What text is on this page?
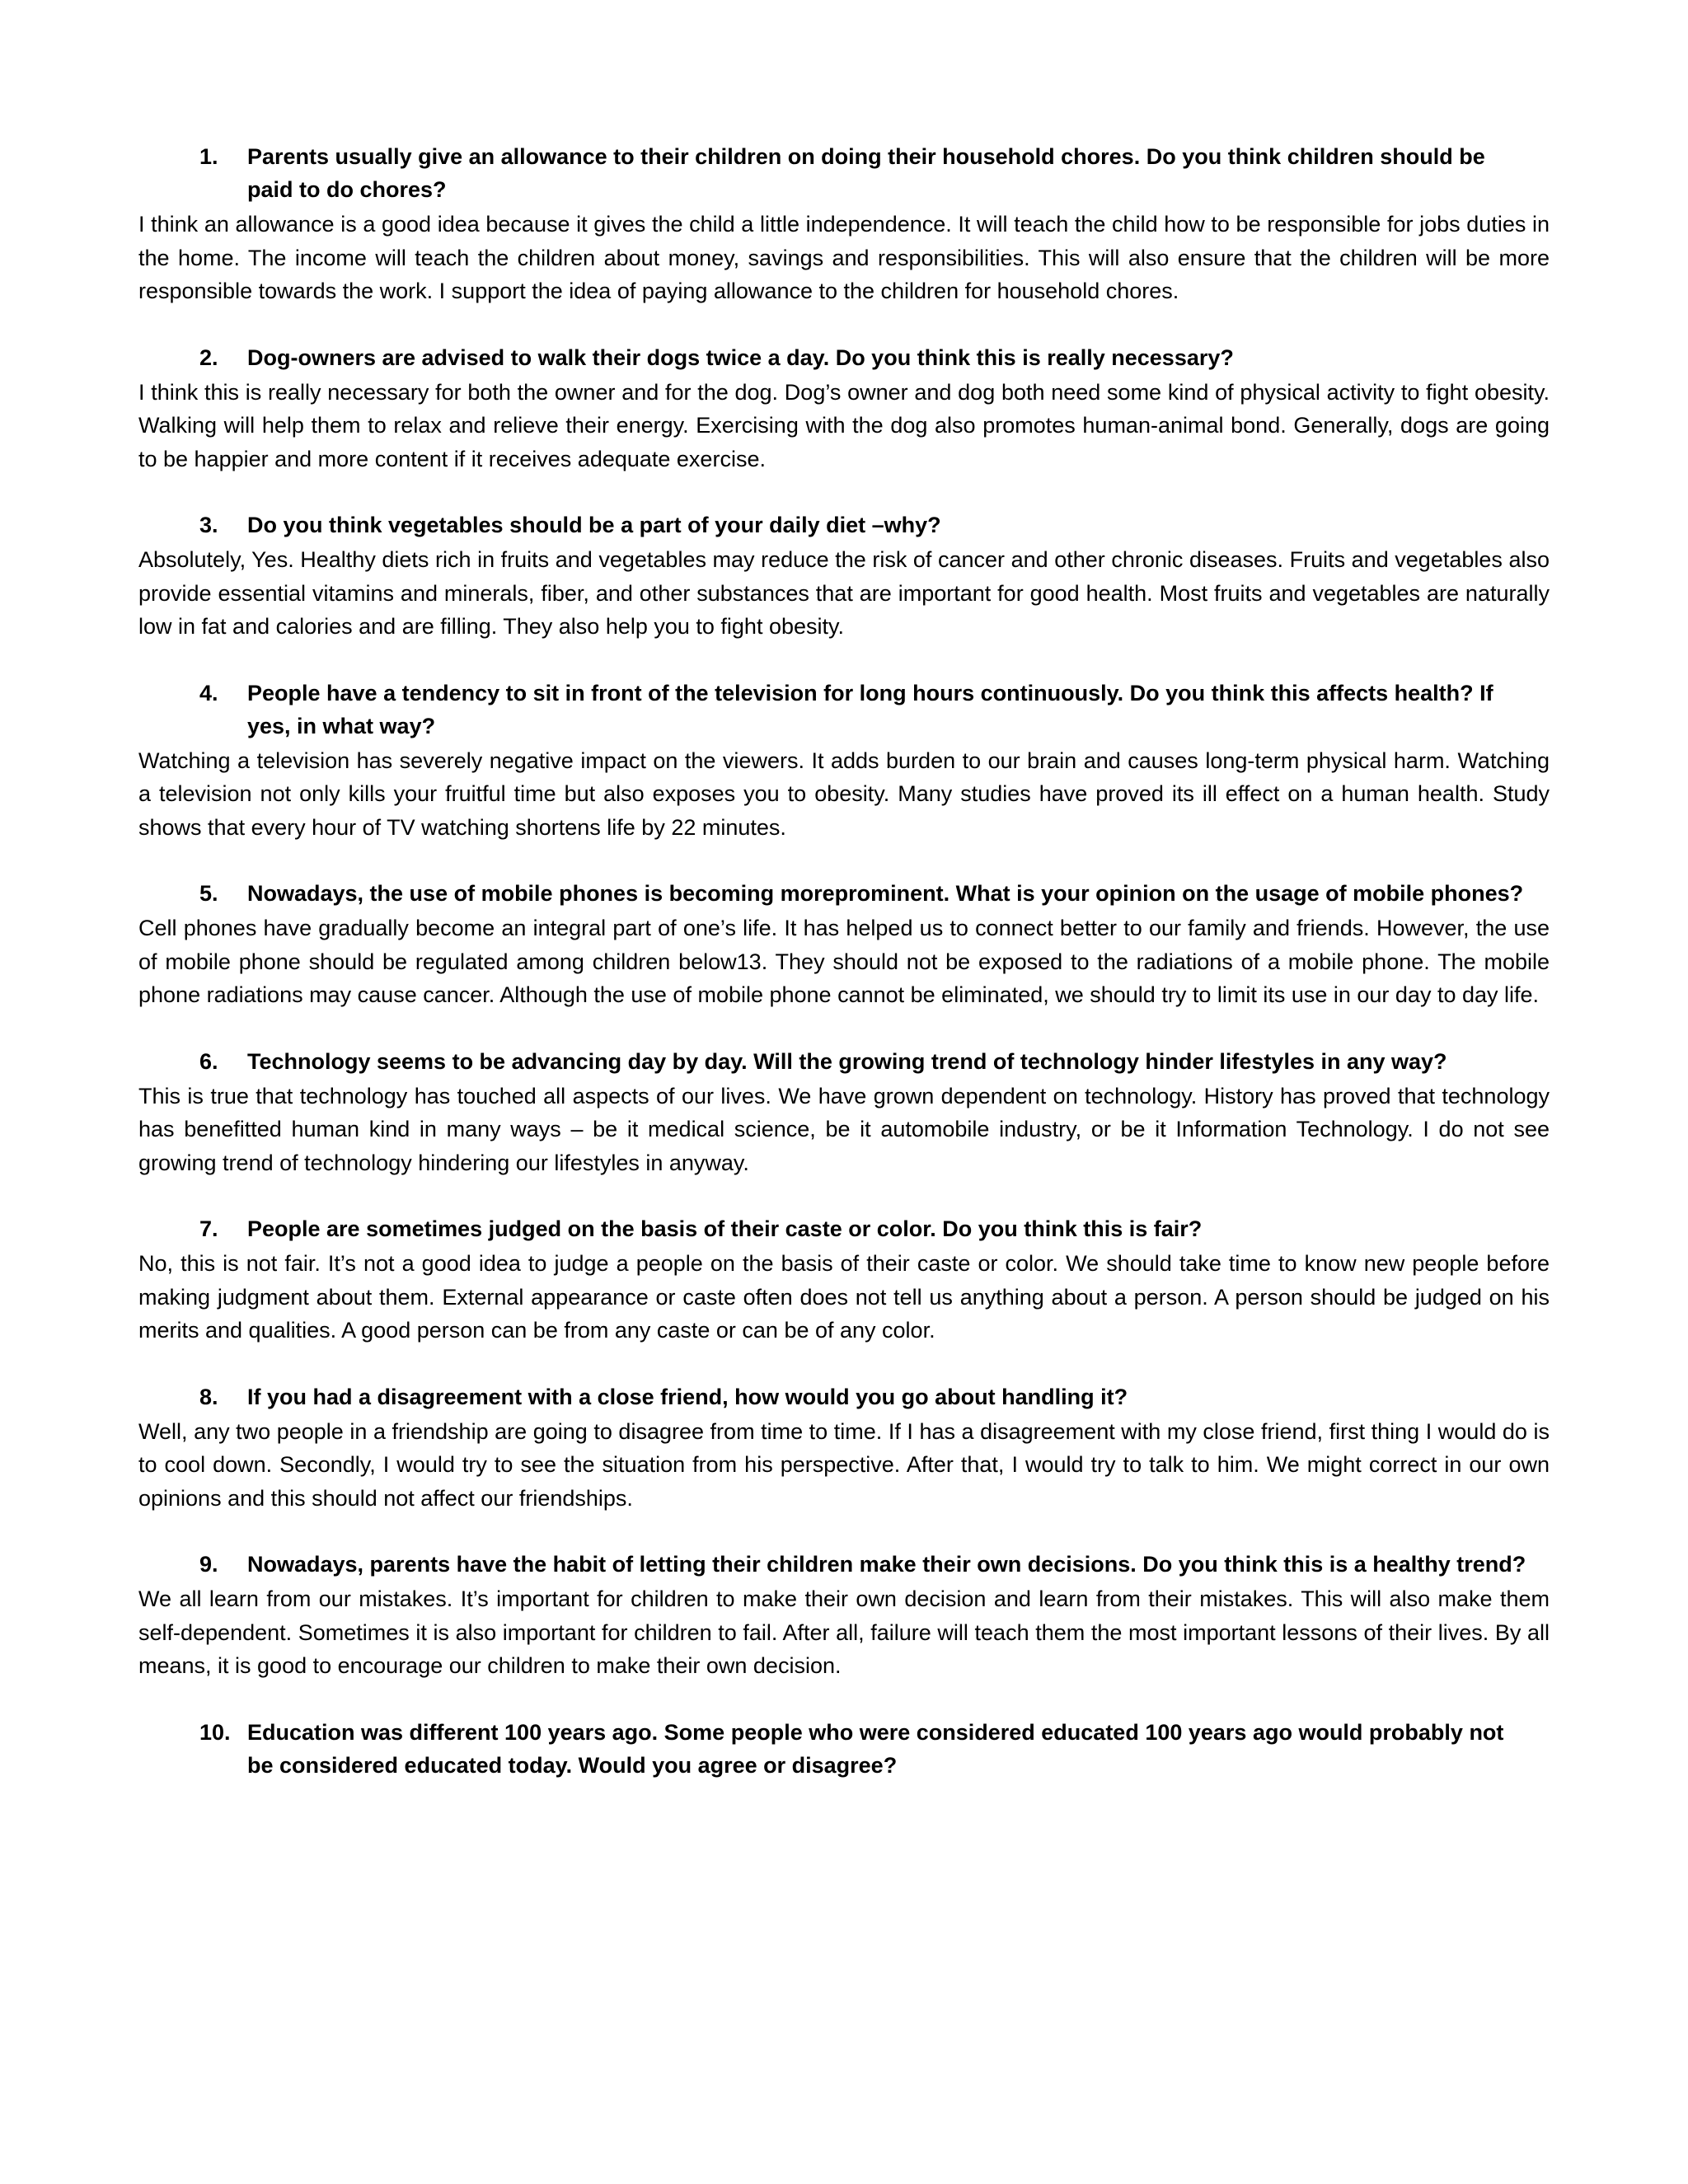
1.	Parents usually give an allowance to their children on doing their household chores. Do you think children should be paid to do chores?

I think an allowance is a good idea because it gives the child a little independence. It will teach the child how to be responsible for jobs duties in the home. The income will teach the children about money, savings and responsibilities. This will also ensure that the children will be more responsible towards the work. I support the idea of paying allowance to the children for household chores.

2.	Dog-owners are advised to walk their dogs twice a day. Do you think this is really necessary?

I think this is really necessary for both the owner and for the dog. Dog’s owner and dog both need some kind of physical activity to fight obesity. Walking will help them to relax and relieve their energy. Exercising with the dog also promotes human-animal bond. Generally, dogs are going to be happier and more content if it receives adequate exercise.

3.	Do you think vegetables should be a part of your daily diet –why?

Absolutely, Yes. Healthy diets rich in fruits and vegetables may reduce the risk of cancer and other chronic diseases. Fruits and vegetables also provide essential vitamins and minerals, fiber, and other substances that are important for good health. Most fruits and vegetables are naturally low in fat and calories and are filling. They also help you to fight obesity.

4.	People have a tendency to sit in front of the television for long hours continuously. Do you think this affects health? If yes, in what way?

Watching a television has severely negative impact on the viewers. It adds burden to our brain and causes long-term physical harm. Watching a television not only kills your fruitful time but also exposes you to obesity. Many studies have proved its ill effect on a human health. Study shows that every hour of TV watching shortens life by 22 minutes.

5.	Nowadays, the use of mobile phones is becoming moreprominent. What is your opinion on the usage of mobile phones?

Cell phones have gradually become an integral part of one’s life. It has helped us to connect better to our family and friends. However, the use of mobile phone should be regulated among children below13. They should not be exposed to the radiations of a mobile phone. The mobile phone radiations may cause cancer. Although the use of mobile phone cannot be eliminated, we should try to limit its use in our day to day life.

6.	Technology seems to be advancing day by day. Will the growing trend of technology hinder lifestyles in any way?

This is true that technology has touched all aspects of our lives. We have grown dependent on technology. History has proved that technology has benefitted human kind in many ways – be it medical science, be it automobile industry, or be it Information Technology. I do not see growing trend of technology hindering our lifestyles in anyway.

7.	People are sometimes judged on the basis of their caste or color. Do you think this is fair?

No, this is not fair. It’s not a good idea to judge a people on the basis of their caste or color. We should take time to know new people before making judgment about them. External appearance or caste often does not tell us anything about a person. A person should be judged on his merits and qualities. A good person can be from any caste or can be of any color.

8.	If you had a disagreement with a close friend, how would you go about handling it?

Well, any two people in a friendship are going to disagree from time to time. If I has a disagreement with my close friend, first thing I would do is to cool down. Secondly, I would try to see the situation from his perspective. After that, I would try to talk to him. We might correct in our own opinions and this should not affect our friendships.

9.	Nowadays, parents have the habit of letting their children make their own decisions. Do you think this is a healthy trend?

We all learn from our mistakes. It’s important for children to make their own decision and learn from their mistakes. This will also make them self-dependent. Sometimes it is also important for children to fail. After all, failure will teach them the most important lessons of their lives. By all means, it is good to encourage our children to make their own decision.

10. Education was different 100 years ago. Some people who were considered educated 100 years ago would probably not be considered educated today. Would you agree or disagree?
